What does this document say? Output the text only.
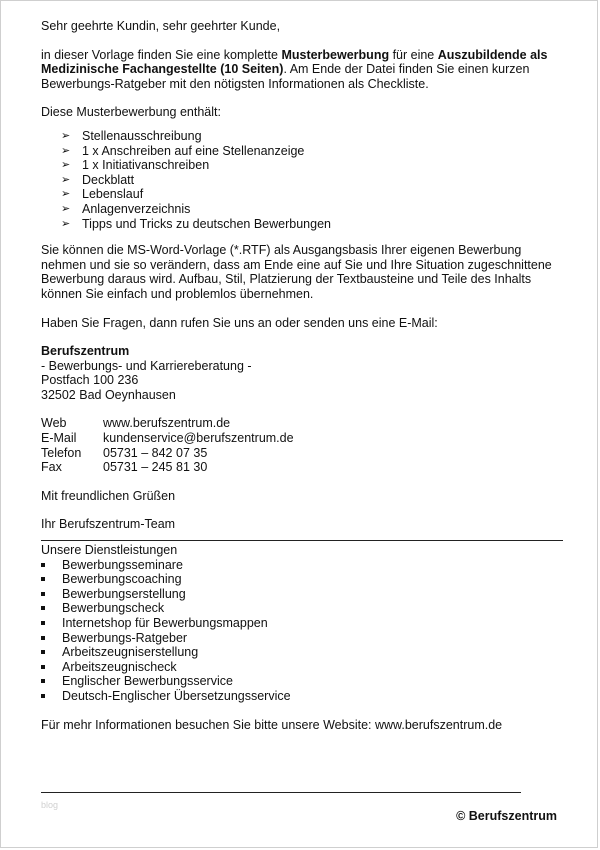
Sehr geehrte Kundin, sehr geehrter Kunde,

in dieser Vorlage finden Sie eine komplette Musterbewerbung für eine Auszubildende als Medizinische Fachangestellte (10 Seiten). Am Ende der Datei finden Sie einen kurzen Bewerbungs-Ratgeber mit den nötigsten Informationen als Checkliste.

Diese Musterbewerbung enthält:

➢ Stellenausschreibung
➢ 1 x Anschreiben auf eine Stellenanzeige
➢ 1 x Initiativanschreiben
➢ Deckblatt
➢ Lebenslauf
➢ Anlagenverzeichnis
➢ Tipps und Tricks zu deutschen Bewerbungen

Sie können die MS-Word-Vorlage (*.RTF) als Ausgangsbasis Ihrer eigenen Bewerbung nehmen und sie so verändern, dass am Ende eine auf Sie und Ihre Situation zugeschnittene Bewerbung daraus wird. Aufbau, Stil, Platzierung der Textbausteine und Teile des Inhalts können Sie einfach und problemlos übernehmen.

Haben Sie Fragen, dann rufen Sie uns an oder senden uns eine E-Mail:

Berufszentrum

- Bewerbungs- und Karriereberatung -

Postfach 100 236

32502 Bad Oeynhausen

Web	www.berufszentrum.de
E-Mail	kundenservice@berufszentrum.de
Telefon	05731 – 842 07 35
Fax	05731 – 245 81 30

Mit freundlichen Grüßen

Ihr Berufszentrum-Team

Unsere Dienstleistungen

Bewerbungsseminare
Bewerbungscoaching
Bewerbungserstellung
Bewerbungscheck
Internetshop für Bewerbungsmappen
Bewerbungs-Ratgeber
Arbeitszeugniserstellung
Arbeitszeugnischeck
Englischer Bewerbungsservice
Deutsch-Englischer Übersetzungsservice

Für mehr Informationen besuchen Sie bitte unsere Website: www.berufszentrum.de

blog
© Berufszentrum
